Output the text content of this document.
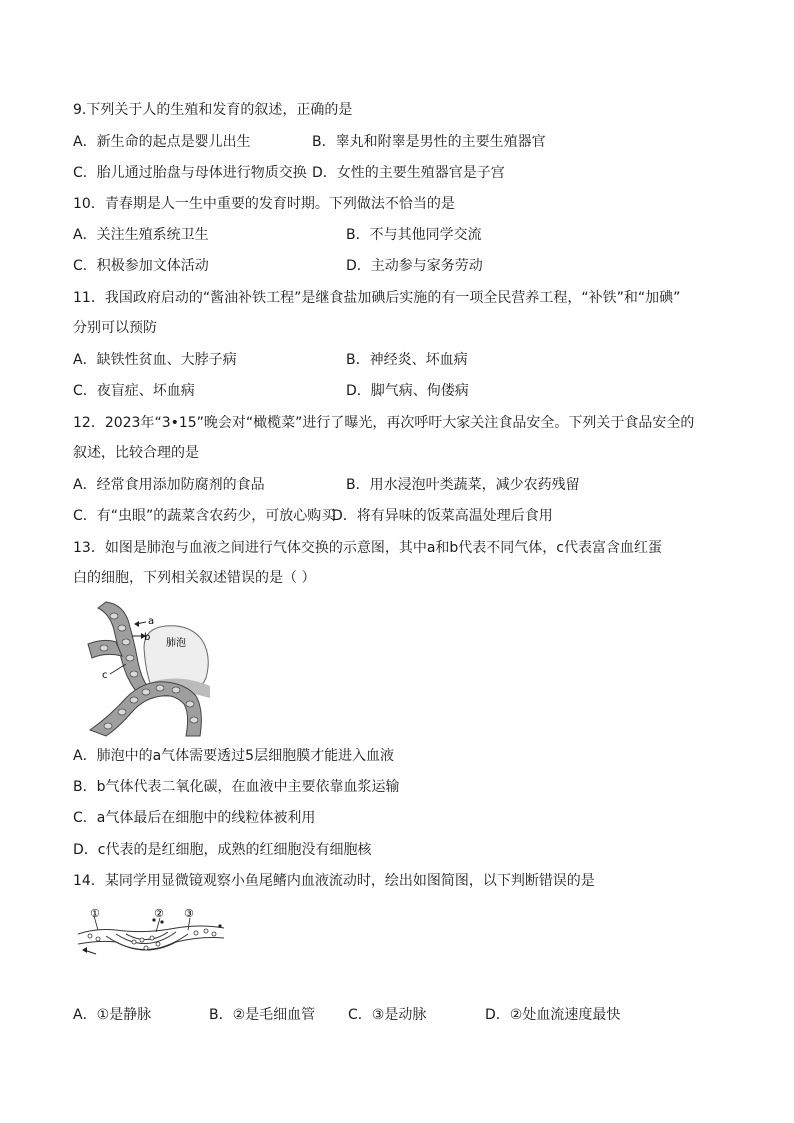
9.下列关于人的生殖和发育的叙述，正确的是
A．新生命的起点是婴儿出生	B．睾丸和附睾是男性的主要生殖器官
C．胎儿通过胎盘与母体进行物质交换 D．女性的主要生殖器官是子宫
10．青春期是人一生中重要的发育时期。下列做法不恰当的是
A．关注生殖系统卫生	B．不与其他同学交流
C．积极参加文体活动	D．主动参与家务劳动
11．我国政府启动的“酱油补铁工程”是继食盐加碘后实施的有一项全民营养工程，“补铁”和“加碘”
分别可以预防
A．缺铁性贫血、大脖子病	B．神经炎、坏血病
C．夜盲症、坏血病	D．脚气病、佝偻病
12．2023年“3•15”晚会对“橄榄菜”进行了曝光，再次呼吁大家关注食品安全。下列关于食品安全的
叙述，比较合理的是
A．经常食用添加防腐剂的食品	B．用水浸泡叶类蔬菜，减少农药残留
C．有“虫眼”的蔬菜含农药少，可放心购买
D．将有异味的饭菜高温处理后食用
13．如图是肺泡与血液之间进行气体交换的示意图，其中a和b代表不同气体，c代表富含血红蛋
白的细胞，下列相关叙述错误的是（ ）
a
b
c
肺泡
A．肺泡中的a气体需要透过5层细胞膜才能进入血液
B．b气体代表二氧化碳，在血液中主要依靠血浆运输
C．a气体最后在细胞中的线粒体被利用
D．c代表的是红细胞，成熟的红细胞没有细胞核
14．某同学用显微镜观察小鱼尾鳍内血液流动时，绘出如图简图，以下判断错误的是
①	② ③
A．①是静脉	B．②是毛细血管 C．③是动脉	D．②处血流速度最快
